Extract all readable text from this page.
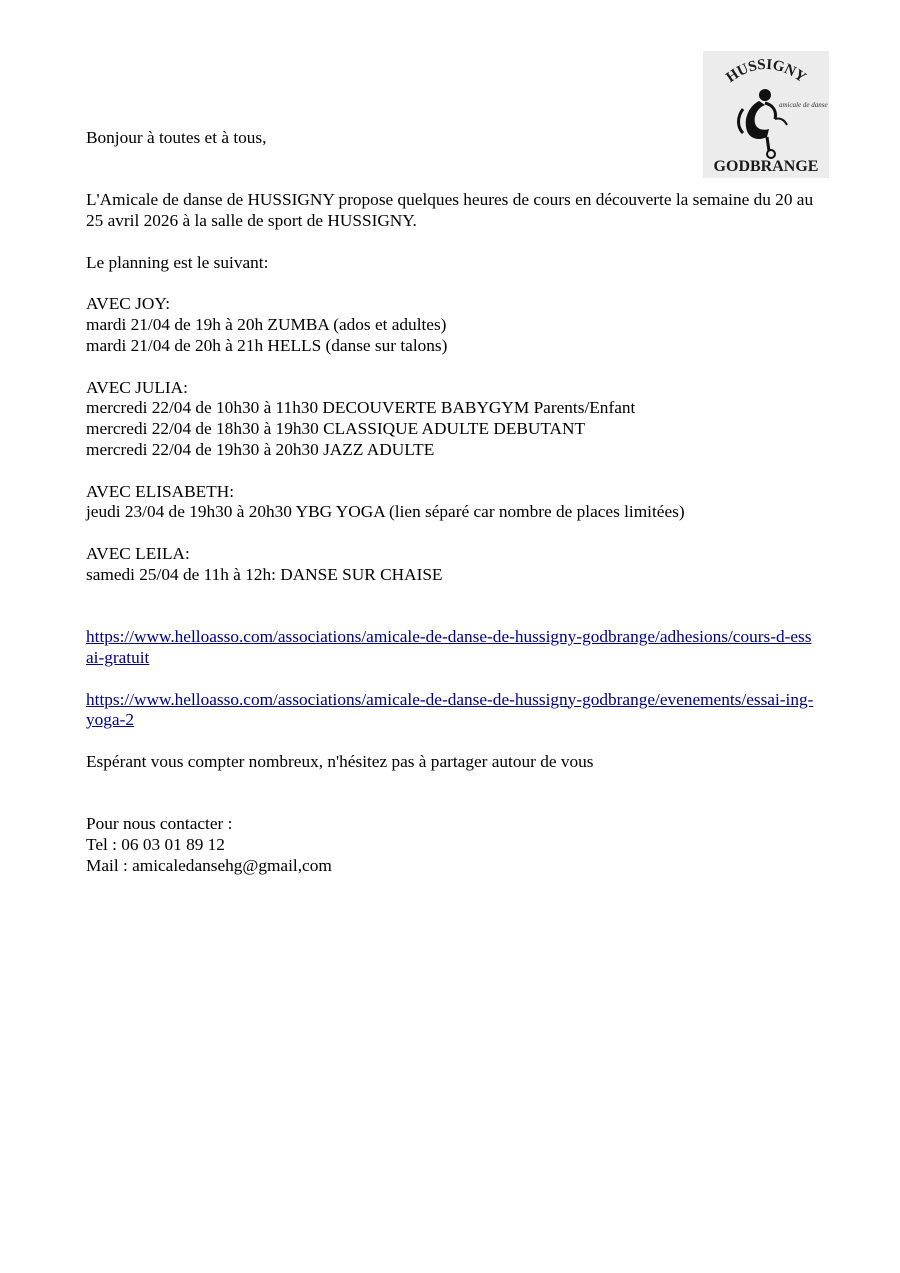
HUSSIGNY
amicale de danse
GODBRANGE

Bonjour à toutes et à tous,

L'Amicale de danse de HUSSIGNY propose quelques heures de cours en découverte la semaine du 20 au 25 avril 2026 à la salle de sport de HUSSIGNY.

Le planning est le suivant:

AVEC JOY:

mardi 21/04 de 19h à 20h ZUMBA (ados et adultes)

mardi 21/04 de 20h à 21h HELLS (danse sur talons)

AVEC JULIA:

mercredi 22/04 de 10h30 à 11h30 DECOUVERTE BABYGYM Parents/Enfant

mercredi 22/04 de 18h30 à 19h30 CLASSIQUE ADULTE DEBUTANT

mercredi 22/04 de 19h30 à 20h30 JAZZ ADULTE

AVEC ELISABETH:

jeudi 23/04 de 19h30 à 20h30 YBG YOGA (lien séparé car nombre de places limitées)

AVEC LEILA:

samedi 25/04 de 11h à 12h: DANSE SUR CHAISE

https://www.helloasso.com/associations/amicale-de-danse-de-hussigny-godbrange/adhesions/cours-d-essai-gratuit
https://www.helloasso.com/associations/amicale-de-danse-de-hussigny-godbrange/evenements/essai-ing-yoga-2

Espérant vous compter nombreux, n'hésitez pas à partager autour de vous

Pour nous contacter :

Tel : 06 03 01 89 12

Mail : amicaledansehg@gmail,com
